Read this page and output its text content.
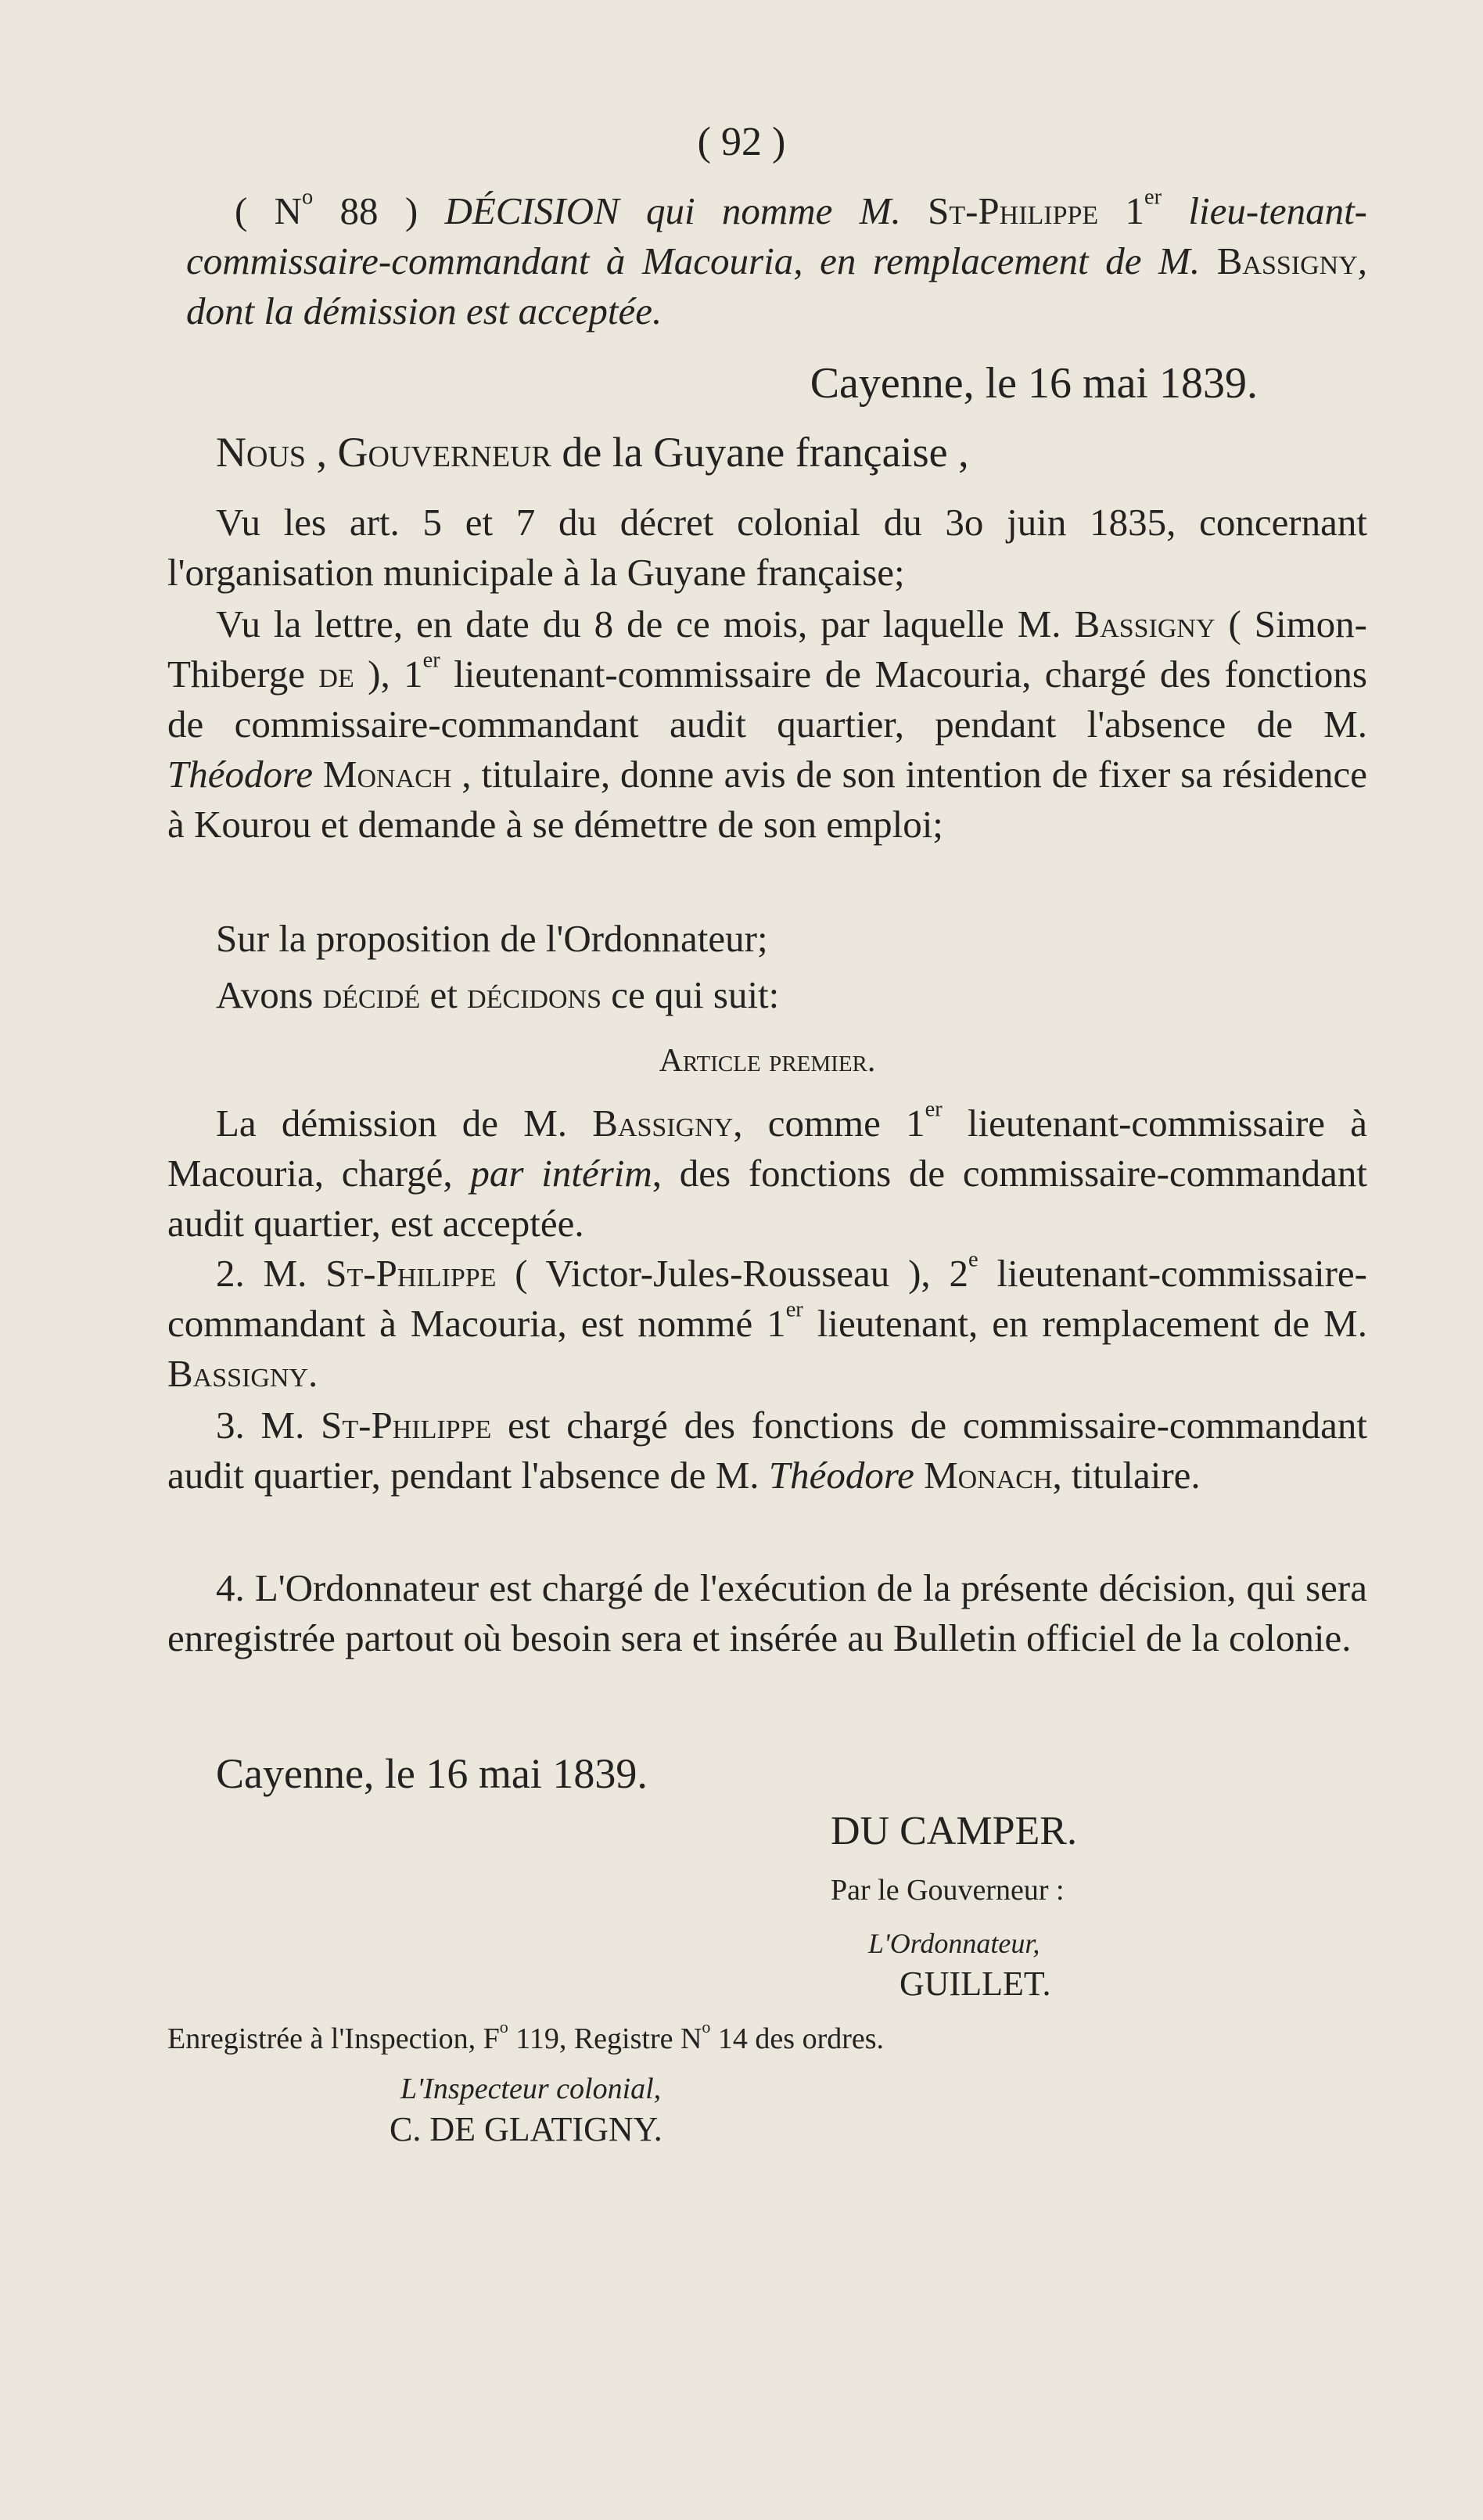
( 92 )

( $N^o$ 88 ) DÉCISION qui nomme M. St-Philippe 1er lieu-tenant-commissaire-commandant à Macouria, en remplacement de M. Bassigny, dont la démission est acceptée.

Cayenne, le 16 mai 1839.
Nous , Gouverneur de la Guyane française ,

Vu les art. 5 et 7 du décret colonial du 3o juin 1835, concernant l'organisation municipale à la Guyane française;

Vu la lettre, en date du 8 de ce mois, par laquelle M. Bassigny ( Simon-Thiberge de ), 1er lieutenant-commissaire de Macouria, chargé des fonctions de commissaire-commandant audit quartier, pendant l'absence de M. Théodore Monach , titulaire, donne avis de son intention de fixer sa résidence à Kourou et demande à se démettre de son emploi;

Sur la proposition de l'Ordonnateur;

Avons décidé et décidons ce qui suit:

Article premier.

La démission de M. Bassigny, comme 1er lieutenant-commissaire à Macouria, chargé, par intérim, des fonctions de commissaire-commandant audit quartier, est acceptée.

2. M. St-Philippe ( Victor-Jules-Rousseau ), 2e lieutenant-commissaire-commandant à Macouria, est nommé 1er lieutenant, en remplacement de M. Bassigny.

3. M. St-Philippe est chargé des fonctions de commissaire-commandant audit quartier, pendant l'absence de M. Théodore Monach, titulaire.

4. L'Ordonnateur est chargé de l'exécution de la présente décision, qui sera enregistrée partout où besoin sera et insérée au Bulletin officiel de la colonie.

Cayenne, le 16 mai 1839.
DU CAMPER.
Par le Gouverneur :
L'Ordonnateur,
GUILLET.
Enregistrée à l'Inspection, $F^o$ 119, Registre $N^o$ 14 des ordres.
L'Inspecteur colonial,
C. DE GLATIGNY.
